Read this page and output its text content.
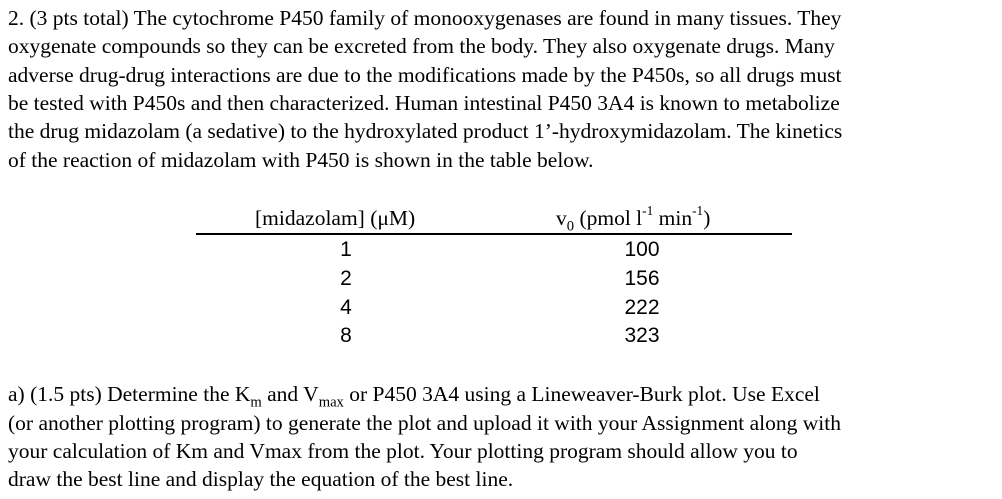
2. (3 pts total) The cytochrome P450 family of monooxygenases are found in many tissues. They
oxygenate compounds so they can be excreted from the body. They also oxygenate drugs. Many
adverse drug-drug interactions are due to the modifications made by the P450s, so all drugs must
be tested with P450s and then characterized. Human intestinal P450 3A4 is known to metabolize
the drug midazolam (a sedative) to the hydroxylated product 1’-hydroxymidazolam. The kinetics
of the reaction of midazolam with P450 is shown in the table below.
[midazolam] (μM)	$v_0$ (pmol $l^{-1}$ $\min^{-1}$)
1	100
2	156
4	222
8	323
a) (1.5 pts) Determine the $K_m$ and $V_{max}$ or P450 3A4 using a Lineweaver-Burk plot. Use Excel
(or another plotting program) to generate the plot and upload it with your Assignment along with
your calculation of Km and Vmax from the plot. Your plotting program should allow you to
draw the best line and display the equation of the best line.
